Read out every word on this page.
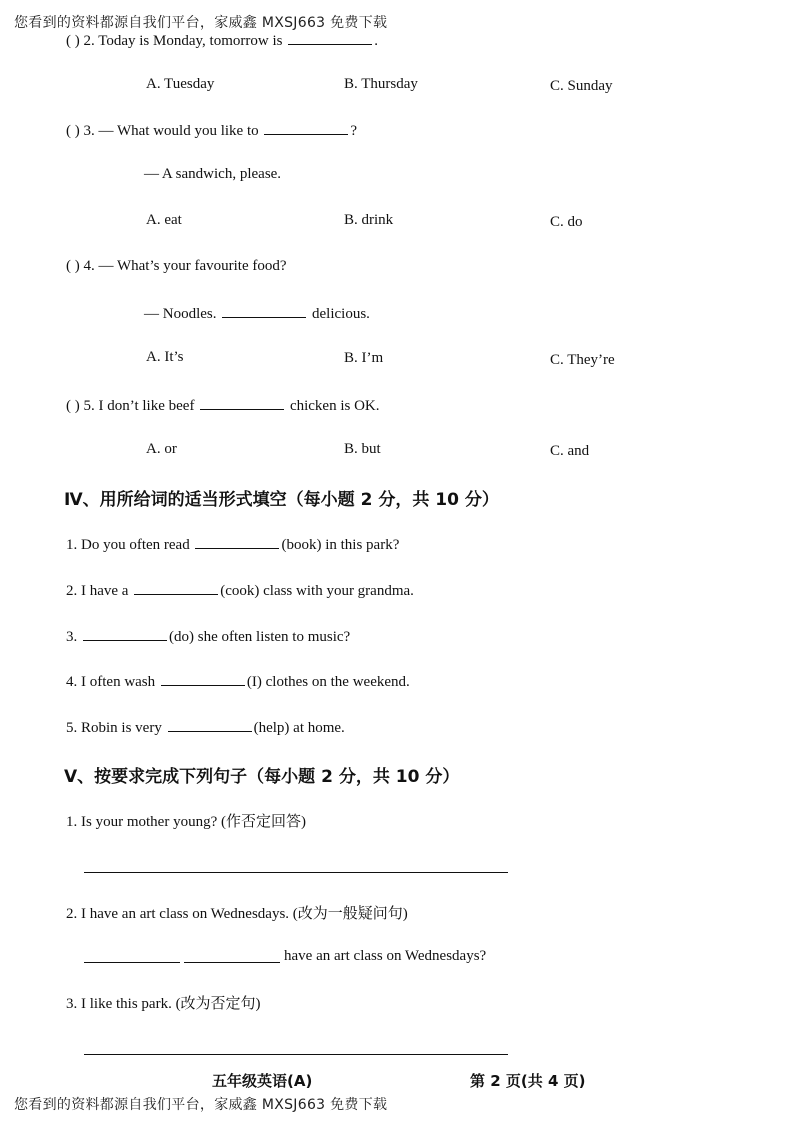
您看到的资料都源自我们平台，家威鑫 MXSJ663 免费下载
( ) 2. Today is Monday, tomorrow is	.
A. Tuesday	B. Thursday	C. Sunday
( ) 3. — What would you like to	?
— A sandwich, please.
A. eat	B. drink	C. do
( ) 4. — What’s your favourite food?
— Noodles.	delicious.
A. It’s	B. I’m	C. They’re
( ) 5. I don’t like beef	chicken is OK.
A. or	B. but	C. and
Ⅳ、用所给词的适当形式填空（每小题 2 分，共 10 分）
1. Do you often read	(book) in this park?
2. I have a	(cook) class with your grandma.
3.	(do) she often listen to music?
4. I often wash	(I) clothes on the weekend.
5. Robin is very	(help) at home.
Ⅴ、按要求完成下列句子（每小题 2 分，共 10 分）
1. Is your mother young? (作否定回答)
2. I have an art class on Wednesdays. (改为一般疑问句)
have an art class on Wednesdays?
3. I like this park. (改为否定句)
五年级英语(A)	第 2 页(共 4 页)
您看到的资料都源自我们平台，家威鑫 MXSJ663 免费下载
